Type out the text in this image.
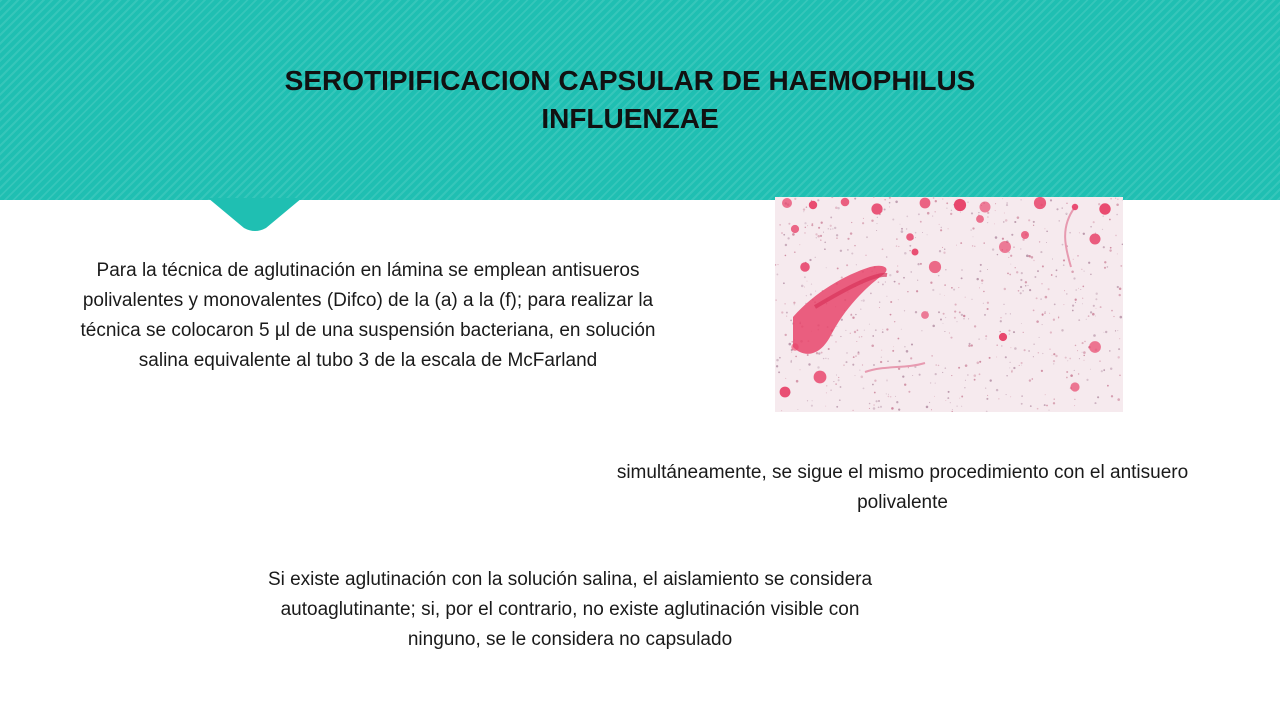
SEROTIPIFICACION CAPSULAR DE HAEMOPHILUS
INFLUENZAE
Para la técnica de aglutinación en lámina se emplean antisueros polivalentes y monovalentes (Difco) de la (a) a la (f); para realizar la técnica se colocaron 5 µl de una suspensión bacteriana, en solución salina equivalente al tubo 3 de la escala de McFarland
simultáneamente, se sigue el mismo procedimiento con el antisuero polivalente
Si existe aglutinación con la solución salina, el aislamiento se considera autoaglutinante; si, por el contrario, no existe aglutinación visible con ninguno, se le considera no capsulado
